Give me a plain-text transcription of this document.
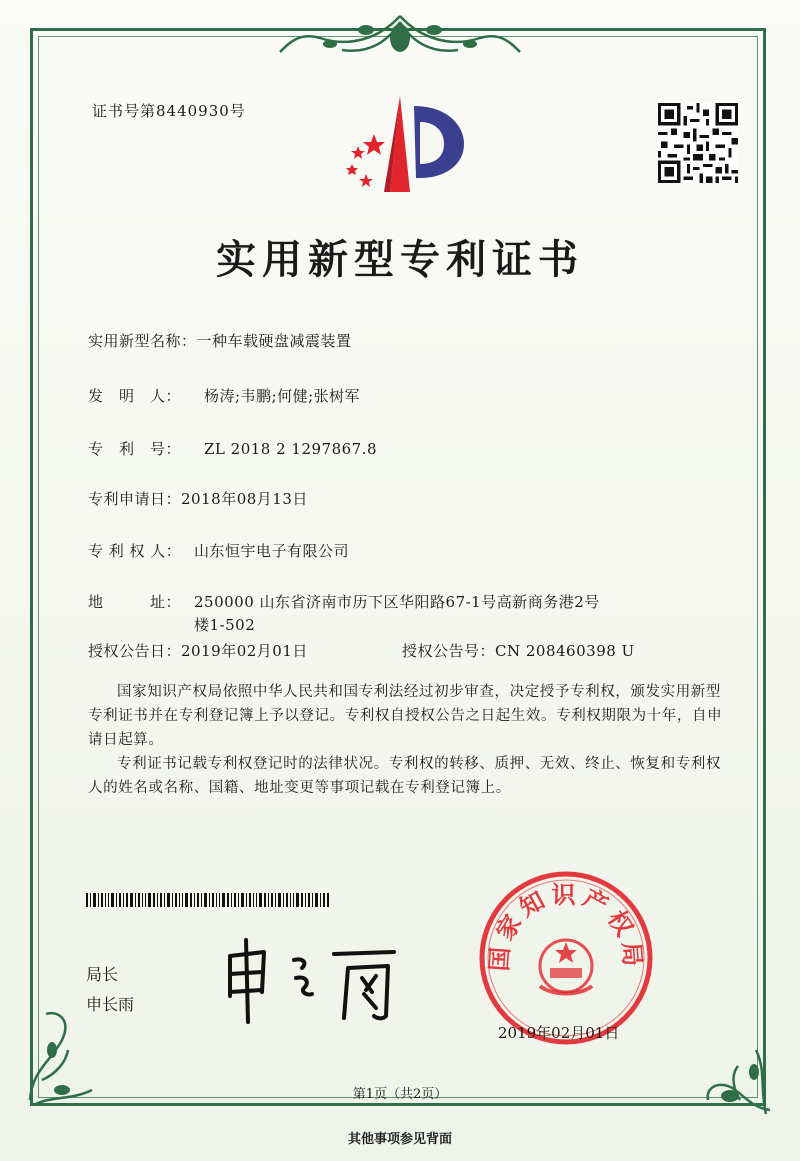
证书号第8440930号
实用新型专利证书
实用新型名称：一种车载硬盘减震装置
发　明　人： 杨涛;韦鹏;何健;张树军
专　利　号： ZL 2018 2 1297867.8
专利申请日：2018年08月13日
专 利 权 人： 山东恒宇电子有限公司
地　　　址： 250000 山东省济南市历下区华阳路67-1号高新商务港2号
楼1-502
授权公告日：2019年02月01日	授权公告号：CN 208460398 U
国家知识产权局依照中华人民共和国专利法经过初步审查，决定授予专利权，颁发实用新型专利证书并在专利登记簿上予以登记。专利权自授权公告之日起生效。专利权期限为十年，自申请日起算。
专利证书记载专利权登记时的法律状况。专利权的转移、质押、无效、终止、恢复和专利权人的姓名或名称、国籍、地址变更等事项记载在专利登记簿上。
局长
申长雨
国家知识产权局
2019年02月01日
第1页（共2页）
其他事项参见背面
